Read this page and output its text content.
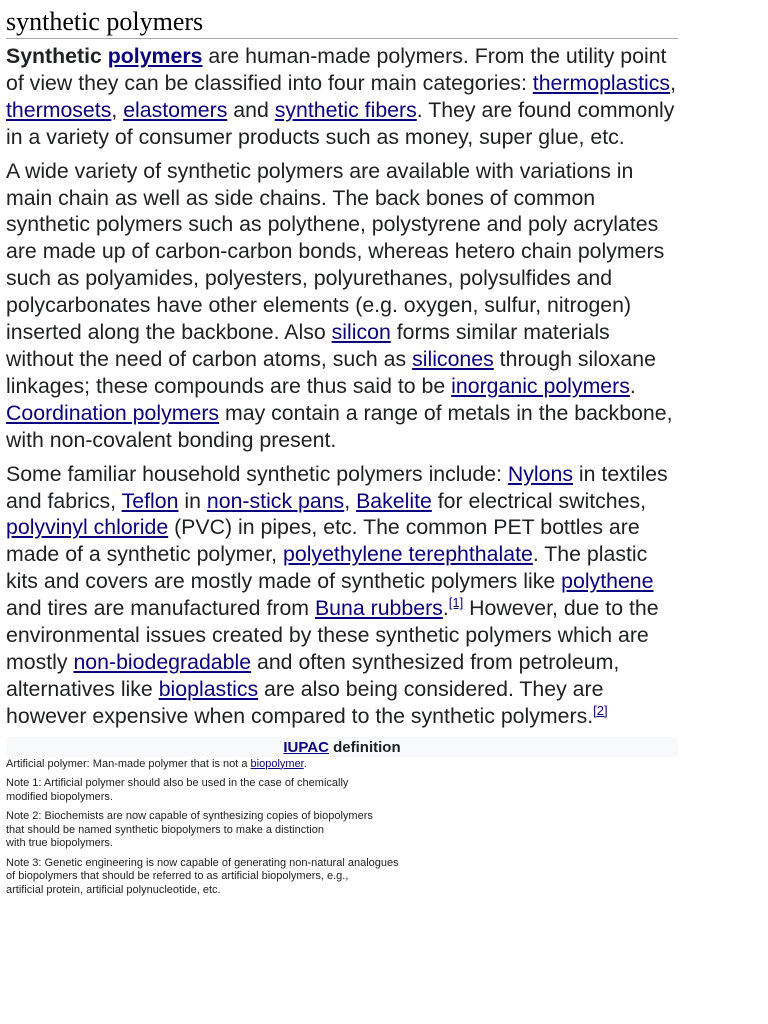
synthetic polymers

Synthetic polymers are human-made polymers. From the utility point of view they can be classified into four main categories: thermoplastics, thermosets, elastomers and synthetic fibers. They are found commonly in a variety of consumer products such as money, super glue, etc.

A wide variety of synthetic polymers are available with variations in main chain as well as side chains. The back bones of common synthetic polymers such as polythene, polystyrene and poly acrylates are made up of carbon-carbon bonds, whereas hetero chain polymers such as polyamides, polyesters, polyurethanes, polysulfides and polycarbonates have other elements (e.g. oxygen, sulfur, nitrogen) inserted along the backbone. Also silicon forms similar materials without the need of carbon atoms, such as silicones through siloxane linkages; these compounds are thus said to be inorganic polymers. Coordination polymers may contain a range of metals in the backbone, with non-covalent bonding present.

Some familiar household synthetic polymers include: Nylons in textiles and fabrics, Teflon in non-stick pans, Bakelite for electrical switches, polyvinyl chloride (PVC) in pipes, etc. The common PET bottles are made of a synthetic polymer, polyethylene terephthalate. The plastic kits and covers are mostly made of synthetic polymers like polythene and tires are manufactured from Buna rubbers.[1] However, due to the environmental issues created by these synthetic polymers which are mostly non-biodegradable and often synthesized from petroleum, alternatives like bioplastics are also being considered. They are however expensive when compared to the synthetic polymers.[2]

IUPAC definition
Artificial polymer: Man-made polymer that is not a biopolymer.
Note 1: Artificial polymer should also be used in the case of chemically
modified biopolymers.
Note 2: Biochemists are now capable of synthesizing copies of biopolymers
that should be named synthetic biopolymers to make a distinction
with true biopolymers.
Note 3: Genetic engineering is now capable of generating non-natural analogues
of biopolymers that should be referred to as artificial biopolymers, e.g.,
artificial protein, artificial polynucleotide, etc.
